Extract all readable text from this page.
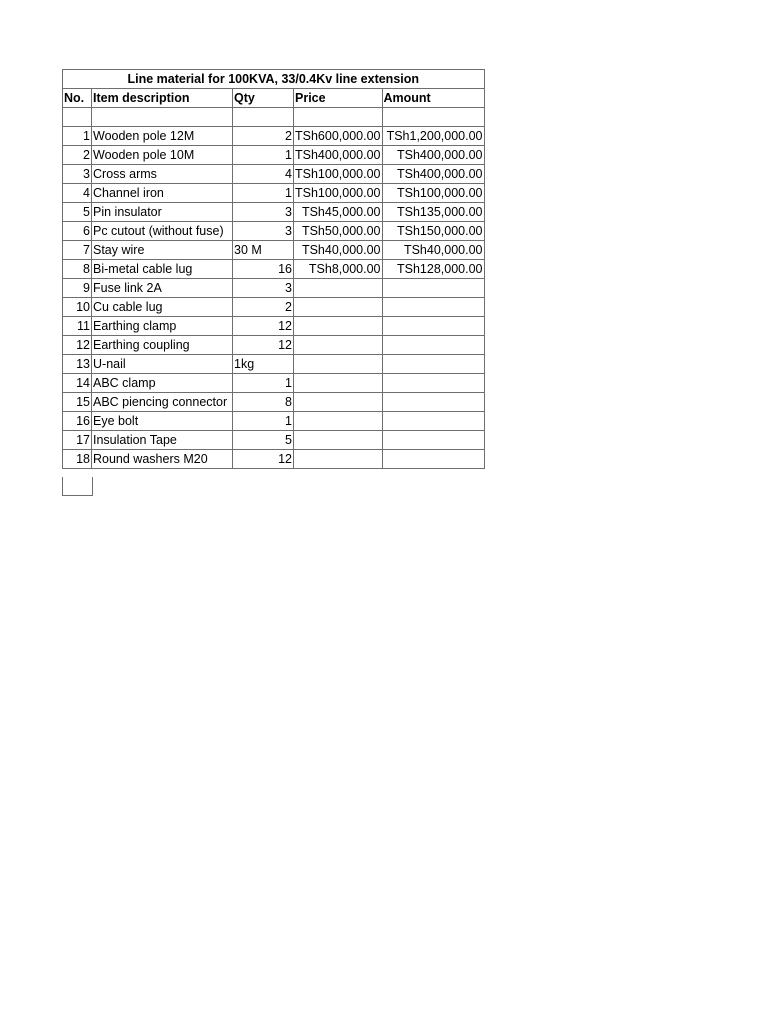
Line material for 100KVA, 33/0.4Kv line extension				
No.	Item description	Qty	Price	Amount

1	Wooden pole 12M	2	TSh600,000.00	TSh1,200,000.00
2	Wooden pole 10M	1	TSh400,000.00	TSh400,000.00
3	Cross arms	4	TSh100,000.00	TSh400,000.00
4	Channel iron	1	TSh100,000.00	TSh100,000.00
5	Pin insulator	3	TSh45,000.00	TSh135,000.00
6	Pc cutout (without fuse)	3	TSh50,000.00	TSh150,000.00
7	Stay wire	30 M	TSh40,000.00	TSh40,000.00
8	Bi-metal cable lug	16	TSh8,000.00	TSh128,000.00
9	Fuse link 2A	3		
10	Cu cable lug	2		
11	Earthing clamp	12		
12	Earthing coupling	12		
13	U-nail	1kg		
14	ABC clamp	1		
15	ABC piencing connector	8		
16	Eye bolt	1		
17	Insulation Tape	5		
18	Round washers M20	12		
